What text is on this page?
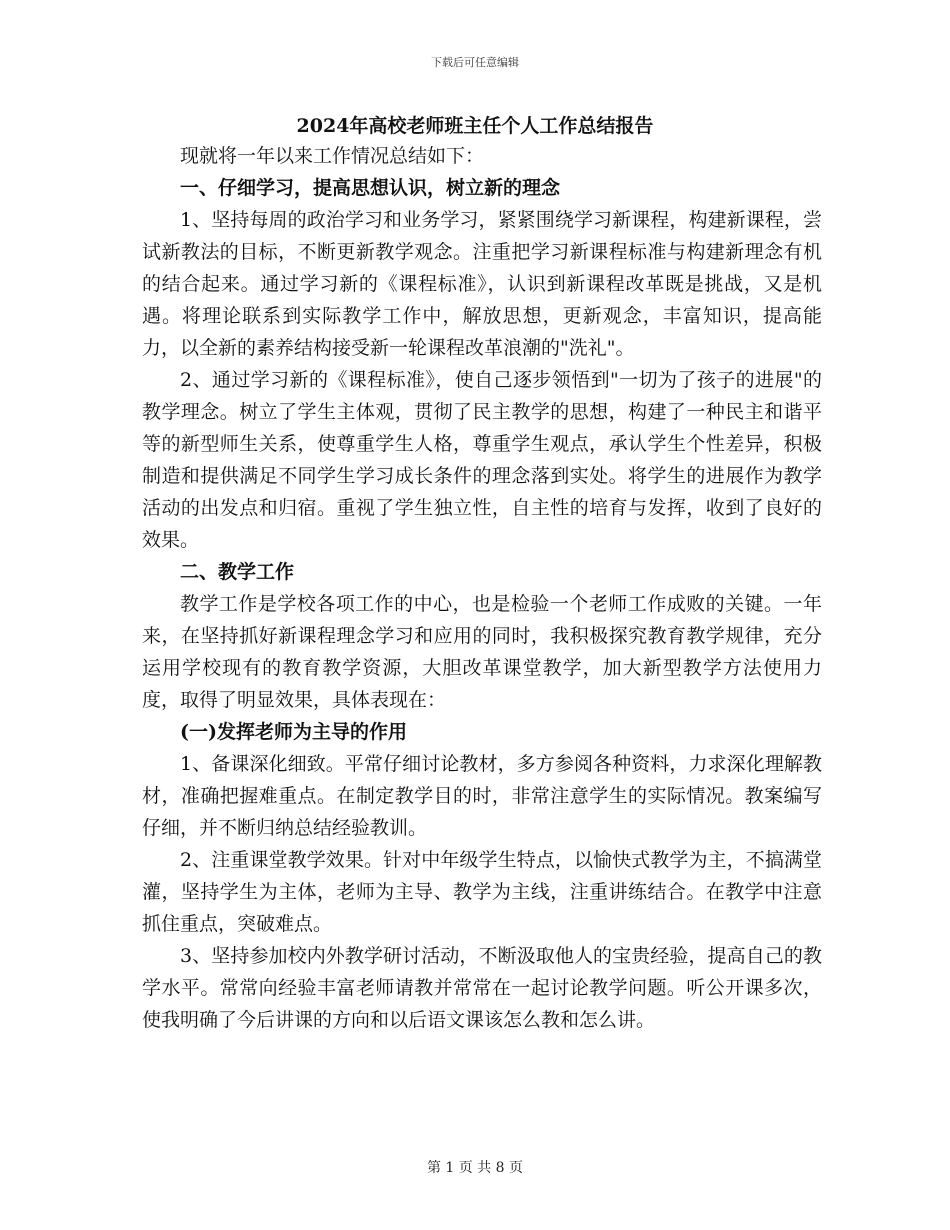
下载后可任意编辑
2024年高校老师班主任个人工作总结报告

现就将一年以来工作情况总结如下：

一、仔细学习，提高思想认识，树立新的理念

1、坚持每周的政治学习和业务学习，紧紧围绕学习新课程，构建新课程，尝试新教法的目标，不断更新教学观念。注重把学习新课程标准与构建新理念有机的结合起来。通过学习新的《课程标准》，认识到新课程改革既是挑战，又是机遇。将理论联系到实际教学工作中，解放思想，更新观念，丰富知识，提高能力，以全新的素养结构接受新一轮课程改革浪潮的"洗礼"。

2、通过学习新的《课程标准》，使自己逐步领悟到"一切为了孩子的进展"的教学理念。树立了学生主体观，贯彻了民主教学的思想，构建了一种民主和谐平等的新型师生关系，使尊重学生人格，尊重学生观点，承认学生个性差异，积极制造和提供满足不同学生学习成长条件的理念落到实处。将学生的进展作为教学活动的出发点和归宿。重视了学生独立性，自主性的培育与发挥，收到了良好的效果。

二、教学工作

教学工作是学校各项工作的中心，也是检验一个老师工作成败的关键。一年来，在坚持抓好新课程理念学习和应用的同时，我积极探究教育教学规律，充分运用学校现有的教育教学资源，大胆改革课堂教学，加大新型教学方法使用力度，取得了明显效果，具体表现在：

(一)发挥老师为主导的作用

1、备课深化细致。平常仔细讨论教材，多方参阅各种资料，力求深化理解教材，准确把握难重点。在制定教学目的时，非常注意学生的实际情况。教案编写仔细，并不断归纳总结经验教训。

2、注重课堂教学效果。针对中年级学生特点，以愉快式教学为主，不搞满堂灌，坚持学生为主体，老师为主导、教学为主线，注重讲练结合。在教学中注意抓住重点，突破难点。

3、坚持参加校内外教学研讨活动，不断汲取他人的宝贵经验，提高自己的教学水平。常常向经验丰富老师请教并常常在一起讨论教学问题。听公开课多次，使我明确了今后讲课的方向和以后语文课该怎么教和怎么讲。

第 1 页 共 8 页
